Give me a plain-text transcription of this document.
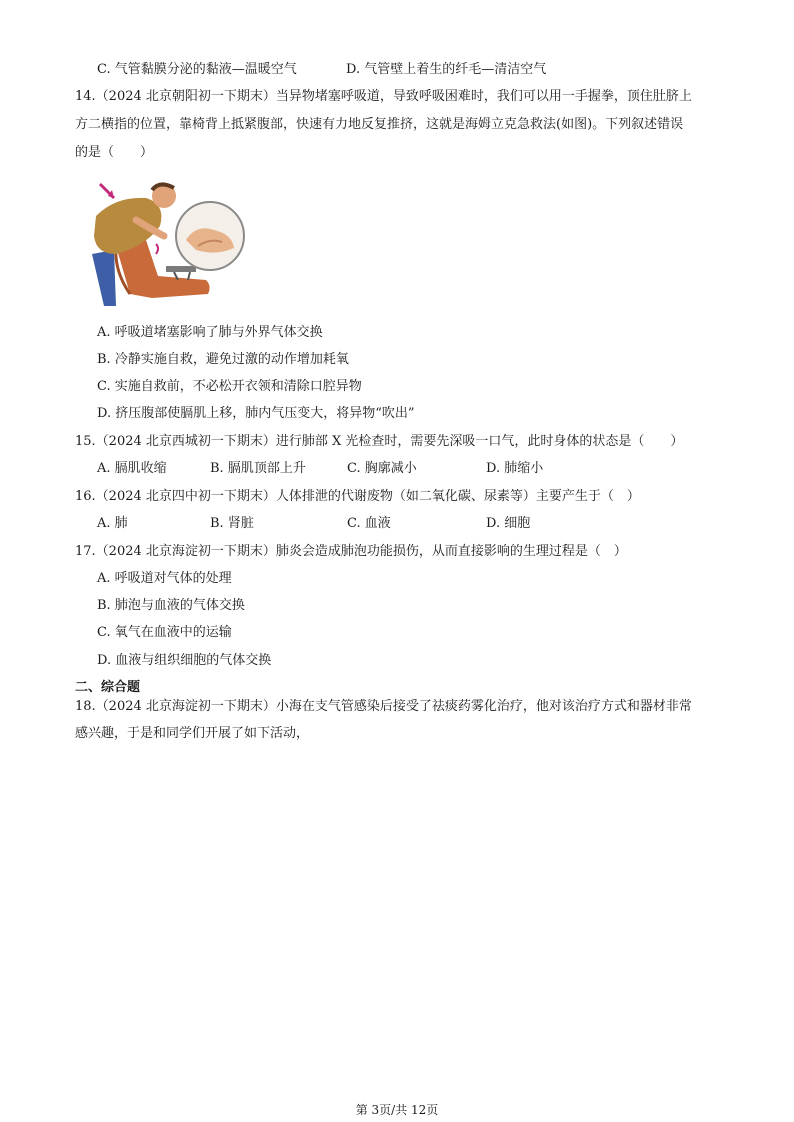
C. 气管黏膜分泌的黏液—温暖空气	D. 气管壁上着生的纤毛—清洁空气
14.（2024 北京朝阳初一下期末）当异物堵塞呼吸道，导致呼吸困难时，我们可以用一手握拳，顶住肚脐上
方二横指的位置，靠椅背上抵紧腹部，快速有力地反复推挤，这就是海姆立克急救法(如图)。下列叙述错误
的是（　　）
A. 呼吸道堵塞影响了肺与外界气体交换
B. 冷静实施自救，避免过激的动作增加耗氧
C. 实施自救前，不必松开衣领和清除口腔异物
D. 挤压腹部使膈肌上移，肺内气压变大，将异物“吹出”
15.（2024 北京西城初一下期末）进行肺部 X 光检查时，需要先深吸一口气，此时身体的状态是（　　）
A. 膈肌收缩	B. 膈肌顶部上升	C. 胸廓减小	D. 肺缩小
16.（2024 北京四中初一下期末）人体排泄的代谢废物（如二氧化碳、尿素等）主要产生于（　）
A. 肺	B. 肾脏	C. 血液	D. 细胞
17.（2024 北京海淀初一下期末）肺炎会造成肺泡功能损伤，从而直接影响的生理过程是（　）
A. 呼吸道对气体的处理
B. 肺泡与血液的气体交换
C. 氧气在血液中的运输
D. 血液与组织细胞的气体交换
二、综合题
18.（2024 北京海淀初一下期末）小海在支气管感染后接受了祛痰药雾化治疗，他对该治疗方式和器材非常
感兴趣，于是和同学们开展了如下活动，
第 3页/共 12页
